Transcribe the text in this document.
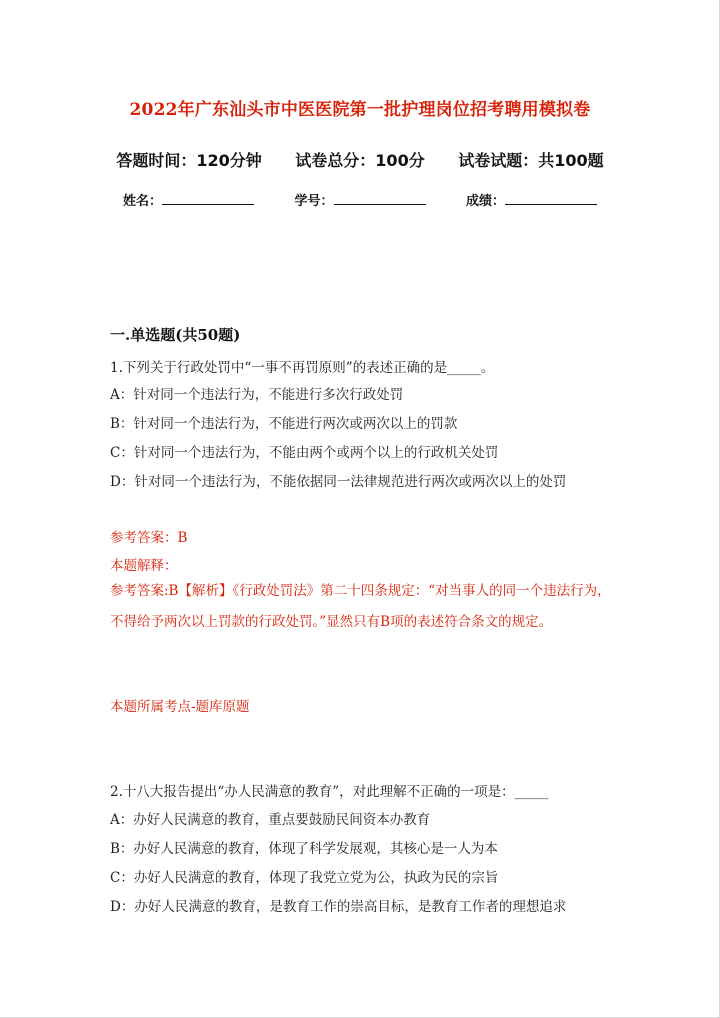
2022年广东汕头市中医医院第一批护理岗位招考聘用模拟卷
答题时间：120分钟 试卷总分：100分 试卷试题：共100题
姓名：	学号：	成绩：
一.单选题(共50题)
1.下列关于行政处罚中“一事不再罚原则”的表述正确的是_____。
A：针对同一个违法行为，不能进行多次行政处罚
B：针对同一个违法行为，不能进行两次或两次以上的罚款
C：针对同一个违法行为，不能由两个或两个以上的行政机关处罚
D：针对同一个违法行为，不能依据同一法律规范进行两次或两次以上的处罚
参考答案：B
本题解释：
参考答案:B【解析】《行政处罚法》第二十四条规定：“对当事人的同一个违法行为，不得给予两次以上罚款的行政处罚。”显然只有B项的表述符合条文的规定。
本题所属考点-题库原题
2.十八大报告提出“办人民满意的教育”，对此理解不正确的一项是：_____
A：办好人民满意的教育，重点要鼓励民间资本办教育
B：办好人民满意的教育，体现了科学发展观，其核心是一人为本
C：办好人民满意的教育，体现了我党立党为公，执政为民的宗旨
D：办好人民满意的教育，是教育工作的崇高目标，是教育工作者的理想追求
